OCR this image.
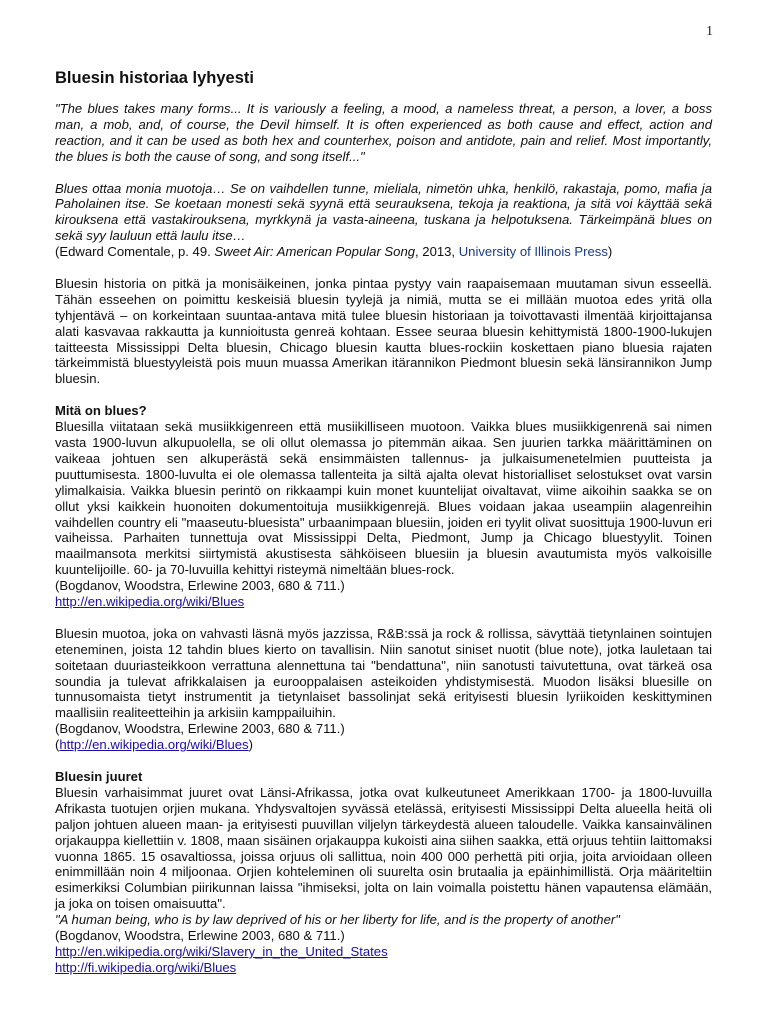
1
Bluesin historiaa lyhyesti

"The blues takes many forms... It is variously a feeling, a mood, a nameless threat, a person, a lover, a boss man, a mob, and, of course, the Devil himself. It is often experienced as both cause and effect, action and reaction, and it can be used as both hex and counterhex, poison and antidote, pain and relief. Most importantly, the blues is both the cause of song, and song itself..."

Blues ottaa monia muotoja… Se on vaihdellen tunne, mieliala, nimetön uhka, henkilö, rakastaja, pomo, mafia ja Paholainen itse. Se koetaan monesti sekä syynä että seurauksena, tekoja ja reaktiona, ja sitä voi käyttää sekä kirouksena että vastakirouksena, myrkkynä ja vasta-aineena, tuskana ja helpotuksena. Tärkeimpänä blues on sekä syy lauluun että laulu itse…

(Edward Comentale, p. 49. Sweet Air: American Popular Song, 2013, University of Illinois Press)

Bluesin historia on pitkä ja monisäikeinen, jonka pintaa pystyy vain raapaisemaan muutaman sivun esseellä. Tähän esseehen on poimittu keskeisiä bluesin tyylejä ja nimiä, mutta se ei millään muotoa edes yritä olla tyhjentävä – on korkeintaan suuntaa-antava mitä tulee bluesin historiaan ja toivottavasti ilmentää kirjoittajansa alati kasvavaa rakkautta ja kunnioitusta genreä kohtaan. Essee seuraa bluesin kehittymistä 1800-1900-lukujen taitteesta Mississippi Delta bluesin, Chicago bluesin kautta blues-rockiin koskettaen piano bluesia rajaten tärkeimmistä bluestyyleistä pois muun muassa Amerikan itärannikon Piedmont bluesin sekä länsirannikon Jump bluesin.

Mitä on blues?

Bluesilla viitataan sekä musiikkigenreen että musiikilliseen muotoon. Vaikka blues musiikkigenrenä sai nimen vasta 1900-luvun alkupuolella, se oli ollut olemassa jo pitemmän aikaa. Sen juurien tarkka määrittäminen on vaikeaa johtuen sen alkuperästä sekä ensimmäisten tallennus- ja julkaisumenetelmien puutteista ja puuttumisesta. 1800-luvulta ei ole olemassa tallenteita ja siltä ajalta olevat historialliset selostukset ovat varsin ylimalkaisia. Vaikka bluesin perintö on rikkaampi kuin monet kuuntelijat oivaltavat, viime aikoihin saakka se on ollut yksi kaikkein huonoiten dokumentoituja musiikkigenrejä. Blues voidaan jakaa useampiin alagenreihin vaihdellen country eli "maaseutu-bluesista" urbaanimpaan bluesiin, joiden eri tyylit olivat suosittuja 1900-luvun eri vaiheissa. Parhaiten tunnettuja ovat Mississippi Delta, Piedmont, Jump ja Chicago bluestyylit. Toinen maailmansota merkitsi siirtymistä akustisesta sähköiseen bluesiin ja bluesin avautumista myös valkoisille kuuntelijoille. 60- ja 70-luvuilla kehittyi risteymä nimeltään blues-rock.

(Bogdanov, Woodstra, Erlewine 2003, 680 & 711.)

http://en.wikipedia.org/wiki/Blues

Bluesin muotoa, joka on vahvasti läsnä myös jazzissa, R&B:ssä ja rock & rollissa, sävyttää tietynlainen sointujen eteneminen, joista 12 tahdin blues kierto on tavallisin. Niin sanotut siniset nuotit (blue note), jotka lauletaan tai soitetaan duuriasteikkoon verrattuna alennettuna tai "bendattuna", niin sanotusti taivutettuna, ovat tärkeä osa soundia ja tulevat afrikkalaisen ja eurooppalaisen asteikoiden yhdistymisestä. Muodon lisäksi bluesille on tunnusomaista tietyt instrumentit ja tietynlaiset bassolinjat sekä erityisesti bluesin lyriikoiden keskittyminen maallisiin realiteetteihin ja arkisiin kamppailuihin.

(Bogdanov, Woodstra, Erlewine 2003, 680 & 711.)

(http://en.wikipedia.org/wiki/Blues)

Bluesin juuret

Bluesin varhaisimmat juuret ovat Länsi-Afrikassa, jotka ovat kulkeutuneet Amerikkaan 1700- ja 1800-luvuilla Afrikasta tuotujen orjien mukana. Yhdysvaltojen syvässä etelässä, erityisesti Mississippi Delta alueella heitä oli paljon johtuen alueen maan- ja erityisesti puuvillan viljelyn tärkeydestä alueen taloudelle. Vaikka kansainvälinen orjakauppa kiellettiin v. 1808, maan sisäinen orjakauppa kukoisti aina siihen saakka, että orjuus tehtiin laittomaksi vuonna 1865. 15 osavaltiossa, joissa orjuus oli sallittua, noin 400 000 perhettä piti orjia, joita arvioidaan olleen enimmillään noin 4 miljoonaa. Orjien kohteleminen oli suurelta osin brutaalia ja epäinhimillistä. Orja määriteltiin esimerkiksi Columbian piirikunnan laissa "ihmiseksi, jolta on lain voimalla poistettu hänen vapautensa elämään, ja joka on toisen omaisuutta".

"A human being, who is by law deprived of his or her liberty for life, and is the property of another"

(Bogdanov, Woodstra, Erlewine 2003, 680 & 711.)

http://en.wikipedia.org/wiki/Slavery_in_the_United_States

http://fi.wikipedia.org/wiki/Blues
